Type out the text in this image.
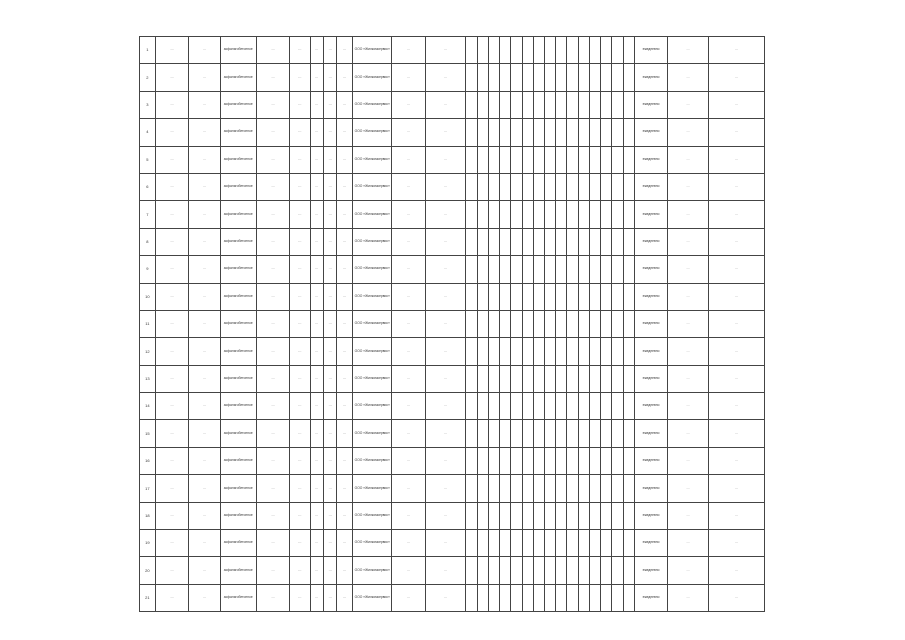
1	…	…	асфальтобетонное	…	…	…	…	…	ООО «Жилкомсервис»	…	…																ежедневно	…	…
2	…	…	асфальтобетонное	…	…	…	…	…	ООО «Жилкомсервис»	…	…																ежедневно	…	…
3	…	…	асфальтобетонное	…	…	…	…	…	ООО «Жилкомсервис»	…	…																ежедневно	…	…
4	…	…	асфальтобетонное	…	…	…	…	…	ООО «Жилкомсервис»	…	…																ежедневно	…	…
5	…	…	асфальтобетонное	…	…	…	…	…	ООО «Жилкомсервис»	…	…																ежедневно	…	…
6	…	…	асфальтобетонное	…	…	…	…	…	ООО «Жилкомсервис»	…	…																ежедневно	…	…
7	…	…	асфальтобетонное	…	…	…	…	…	ООО «Жилкомсервис»	…	…																ежедневно	…	…
8	…	…	асфальтобетонное	…	…	…	…	…	ООО «Жилкомсервис»	…	…																ежедневно	…	…
9	…	…	асфальтобетонное	…	…	…	…	…	ООО «Жилкомсервис»	…	…																ежедневно	…	…
10	…	…	асфальтобетонное	…	…	…	…	…	ООО «Жилкомсервис»	…	…																ежедневно	…	…
11	…	…	асфальтобетонное	…	…	…	…	…	ООО «Жилкомсервис»	…	…																ежедневно	…	…
12	…	…	асфальтобетонное	…	…	…	…	…	ООО «Жилкомсервис»	…	…																ежедневно	…	…
13	…	…	асфальтобетонное	…	…	…	…	…	ООО «Жилкомсервис»	…	…																ежедневно	…	…
14	…	…	асфальтобетонное	…	…	…	…	…	ООО «Жилкомсервис»	…	…																ежедневно	…	…
15	…	…	асфальтобетонное	…	…	…	…	…	ООО «Жилкомсервис»	…	…																ежедневно	…	…
16	…	…	асфальтобетонное	…	…	…	…	…	ООО «Жилкомсервис»	…	…																ежедневно	…	…
17	…	…	асфальтобетонное	…	…	…	…	…	ООО «Жилкомсервис»	…	…																ежедневно	…	…
18	…	…	асфальтобетонное	…	…	…	…	…	ООО «Жилкомсервис»	…	…																ежедневно	…	…
19	…	…	асфальтобетонное	…	…	…	…	…	ООО «Жилкомсервис»	…	…																ежедневно	…	…
20	…	…	асфальтобетонное	…	…	…	…	…	ООО «Жилкомсервис»	…	…																ежедневно	…	…
21	…	…	асфальтобетонное	…	…	…	…	…	ООО «Жилкомсервис»	…	…																ежедневно	…	…
